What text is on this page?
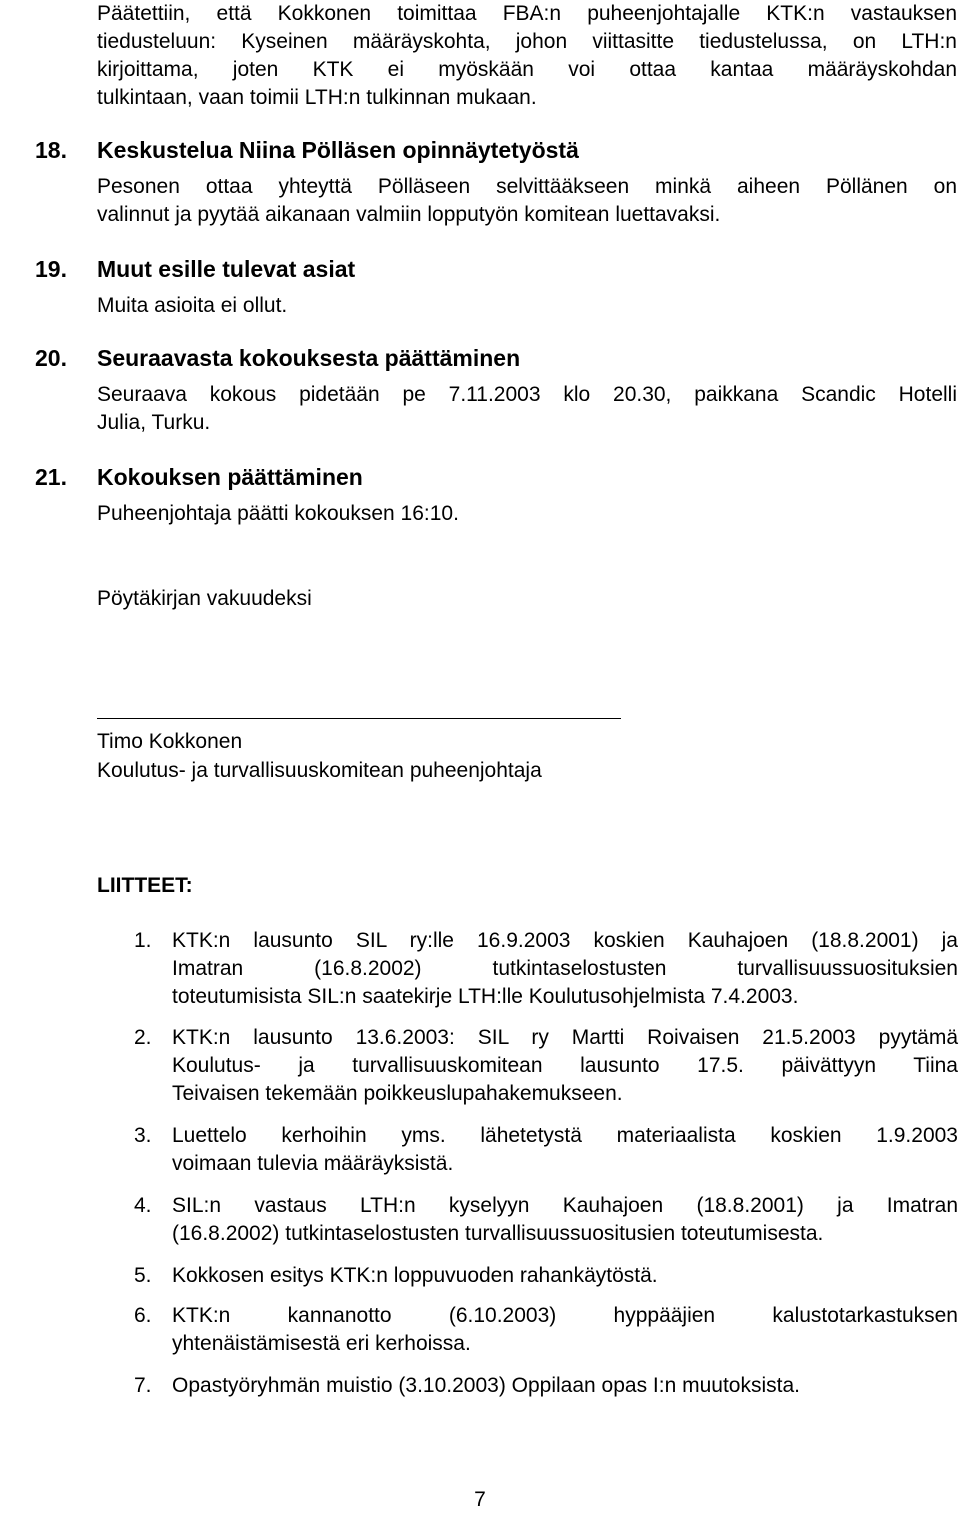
Päätettiin, että Kokkonen toimittaa FBA:n puheenjohtajalle KTK:n vastauksen
tiedusteluun: Kyseinen määräyskohta, johon viittasitte tiedustelussa, on LTH:n
kirjoittama, joten KTK ei myöskään voi ottaa kantaa määräyskohdan
tulkintaan, vaan toimii LTH:n tulkinnan mukaan.
18. Keskustelua Niina Pölläsen opinnäytetyöstä
Pesonen ottaa yhteyttä Pölläseen selvittääkseen minkä aiheen Pöllänen on
valinnut ja pyytää aikanaan valmiin lopputyön komitean luettavaksi.
19. Muut esille tulevat asiat
Muita asioita ei ollut.
20. Seuraavasta kokouksesta päättäminen
Seuraava kokous pidetään pe 7.11.2003 klo 20.30, paikkana Scandic Hotelli
Julia, Turku.
21. Kokouksen päättäminen
Puheenjohtaja päätti kokouksen 16:10.
Pöytäkirjan vakuudeksi
Timo Kokkonen
Koulutus- ja turvallisuuskomitean puheenjohtaja
LIITTEET:
1. KTK:n lausunto SIL ry:lle 16.9.2003 koskien Kauhajoen (18.8.2001) ja
Imatran (16.8.2002) tutkintaselostusten turvallisuussuosituksien
toteutumisista SIL:n saatekirje LTH:lle Koulutusohjelmista 7.4.2003.
2. KTK:n lausunto 13.6.2003: SIL ry Martti Roivaisen 21.5.2003 pyytämä
Koulutus- ja turvallisuuskomitean lausunto 17.5. päivättyyn Tiina
Teivaisen tekemään poikkeuslupahakemukseen.
3. Luettelo kerhoihin yms. lähetetystä materiaalista koskien 1.9.2003
voimaan tulevia määräyksistä.
4. SIL:n vastaus LTH:n kyselyyn Kauhajoen (18.8.2001) ja Imatran
(16.8.2002) tutkintaselostusten turvallisuussuositusien toteutumisesta.
5. Kokkosen esitys KTK:n loppuvuoden rahankäytöstä.
6. KTK:n kannanotto (6.10.2003) hyppääjien kalustotarkastuksen
yhtenäistämisestä eri kerhoissa.
7. Opastyöryhmän muistio (3.10.2003) Oppilaan opas I:n muutoksista.
7
